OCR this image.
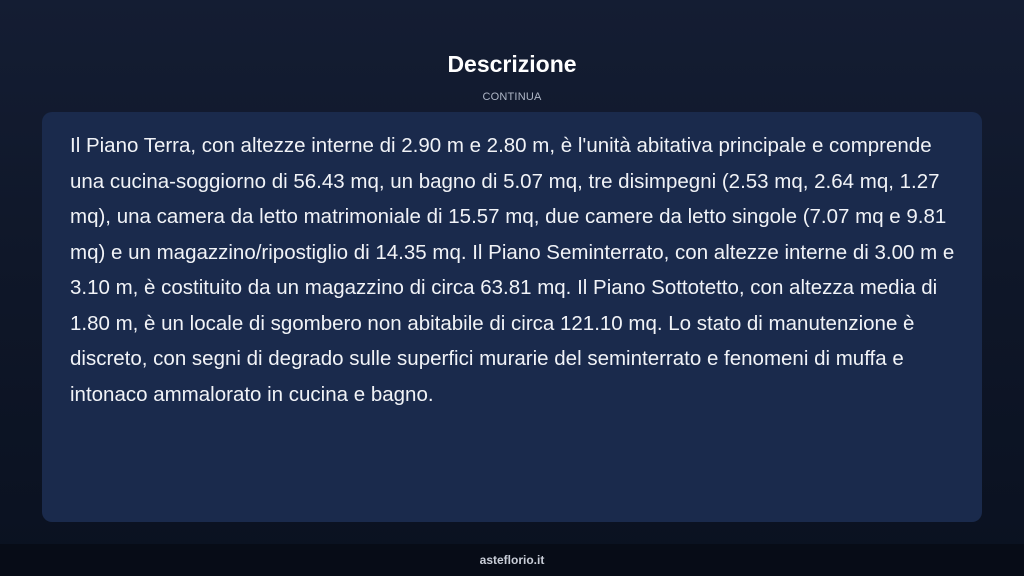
Descrizione
CONTINUA

Il Piano Terra, con altezze interne di 2.90 m e 2.80 m, è l'unità abitativa principale e comprende una cucina-soggiorno di 56.43 mq, un bagno di 5.07 mq, tre disimpegni (2.53 mq, 2.64 mq, 1.27 mq), una camera da letto matrimoniale di 15.57 mq, due camere da letto singole (7.07 mq e 9.81 mq) e un magazzino/ripostiglio di 14.35 mq. Il Piano Seminterrato, con altezze interne di 3.00 m e 3.10 m, è costituito da un magazzino di circa 63.81 mq. Il Piano Sottotetto, con altezza media di 1.80 m, è un locale di sgombero non abitabile di circa 121.10 mq. Lo stato di manutenzione è discreto, con segni di degrado sulle superfici murarie del seminterrato e fenomeni di muffa e intonaco ammalorato in cucina e bagno.

asteflorio.it
